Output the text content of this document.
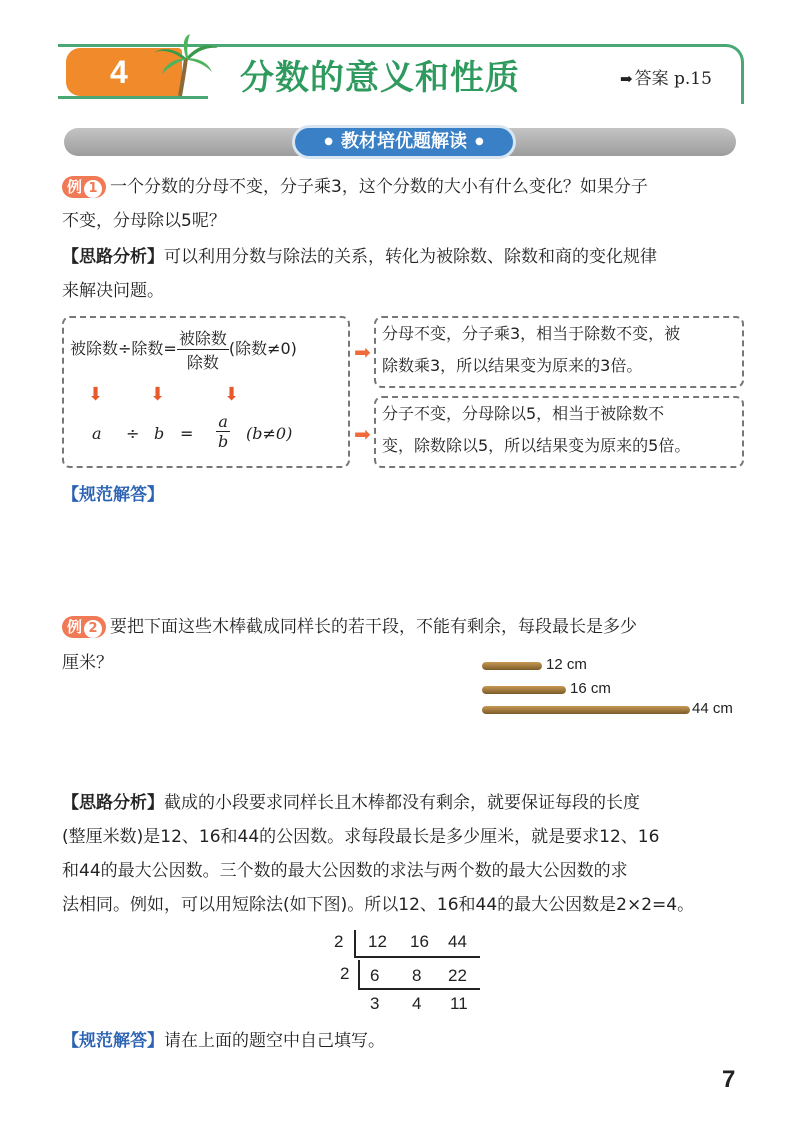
4	分数的意义和性质	➡ 答案 p.15
● 教材培优题解读 ●
例 1 一个分数的分母不变，分子乘3，这个分数的大小有什么变化？如果分子
不变，分母除以5呢？
【思路分析】可以利用分数与除法的关系，转化为被除数、除数和商的变化规律
来解决问题。
被除数÷除数= $\frac{\text{被除数}}{\text{除数}}$ (除数≠0)
⬇	⬇	⬇
$a \div b = \frac{a}{b} (b\ne 0)$
➡
➡
分母不变，分子乘3，相当于除数不变，被
除数乘3，所以结果变为原来的3倍。
分子不变，分母除以5，相当于被除数不
变，除数除以5，所以结果变为原来的5倍。
【规范解答】
例 2 要把下面这些木棒截成同样长的若干段，不能有剩余，每段最长是多少
厘米？	12 cm
16 cm
44 cm
【思路分析】截成的小段要求同样长且木棒都没有剩余，就要保证每段的长度
(整厘米数)是12、16和44的公因数。求每段最长是多少厘米，就是要求12、16
和44的最大公因数。三个数的最大公因数的求法与两个数的最大公因数的求
法相同。例如，可以用短除法(如下图)。所以12、16和44的最大公因数是2×2=4。
2 12 16 44
2 6 8 22
3 4 11
【规范解答】请在上面的题空中自己填写。
7
